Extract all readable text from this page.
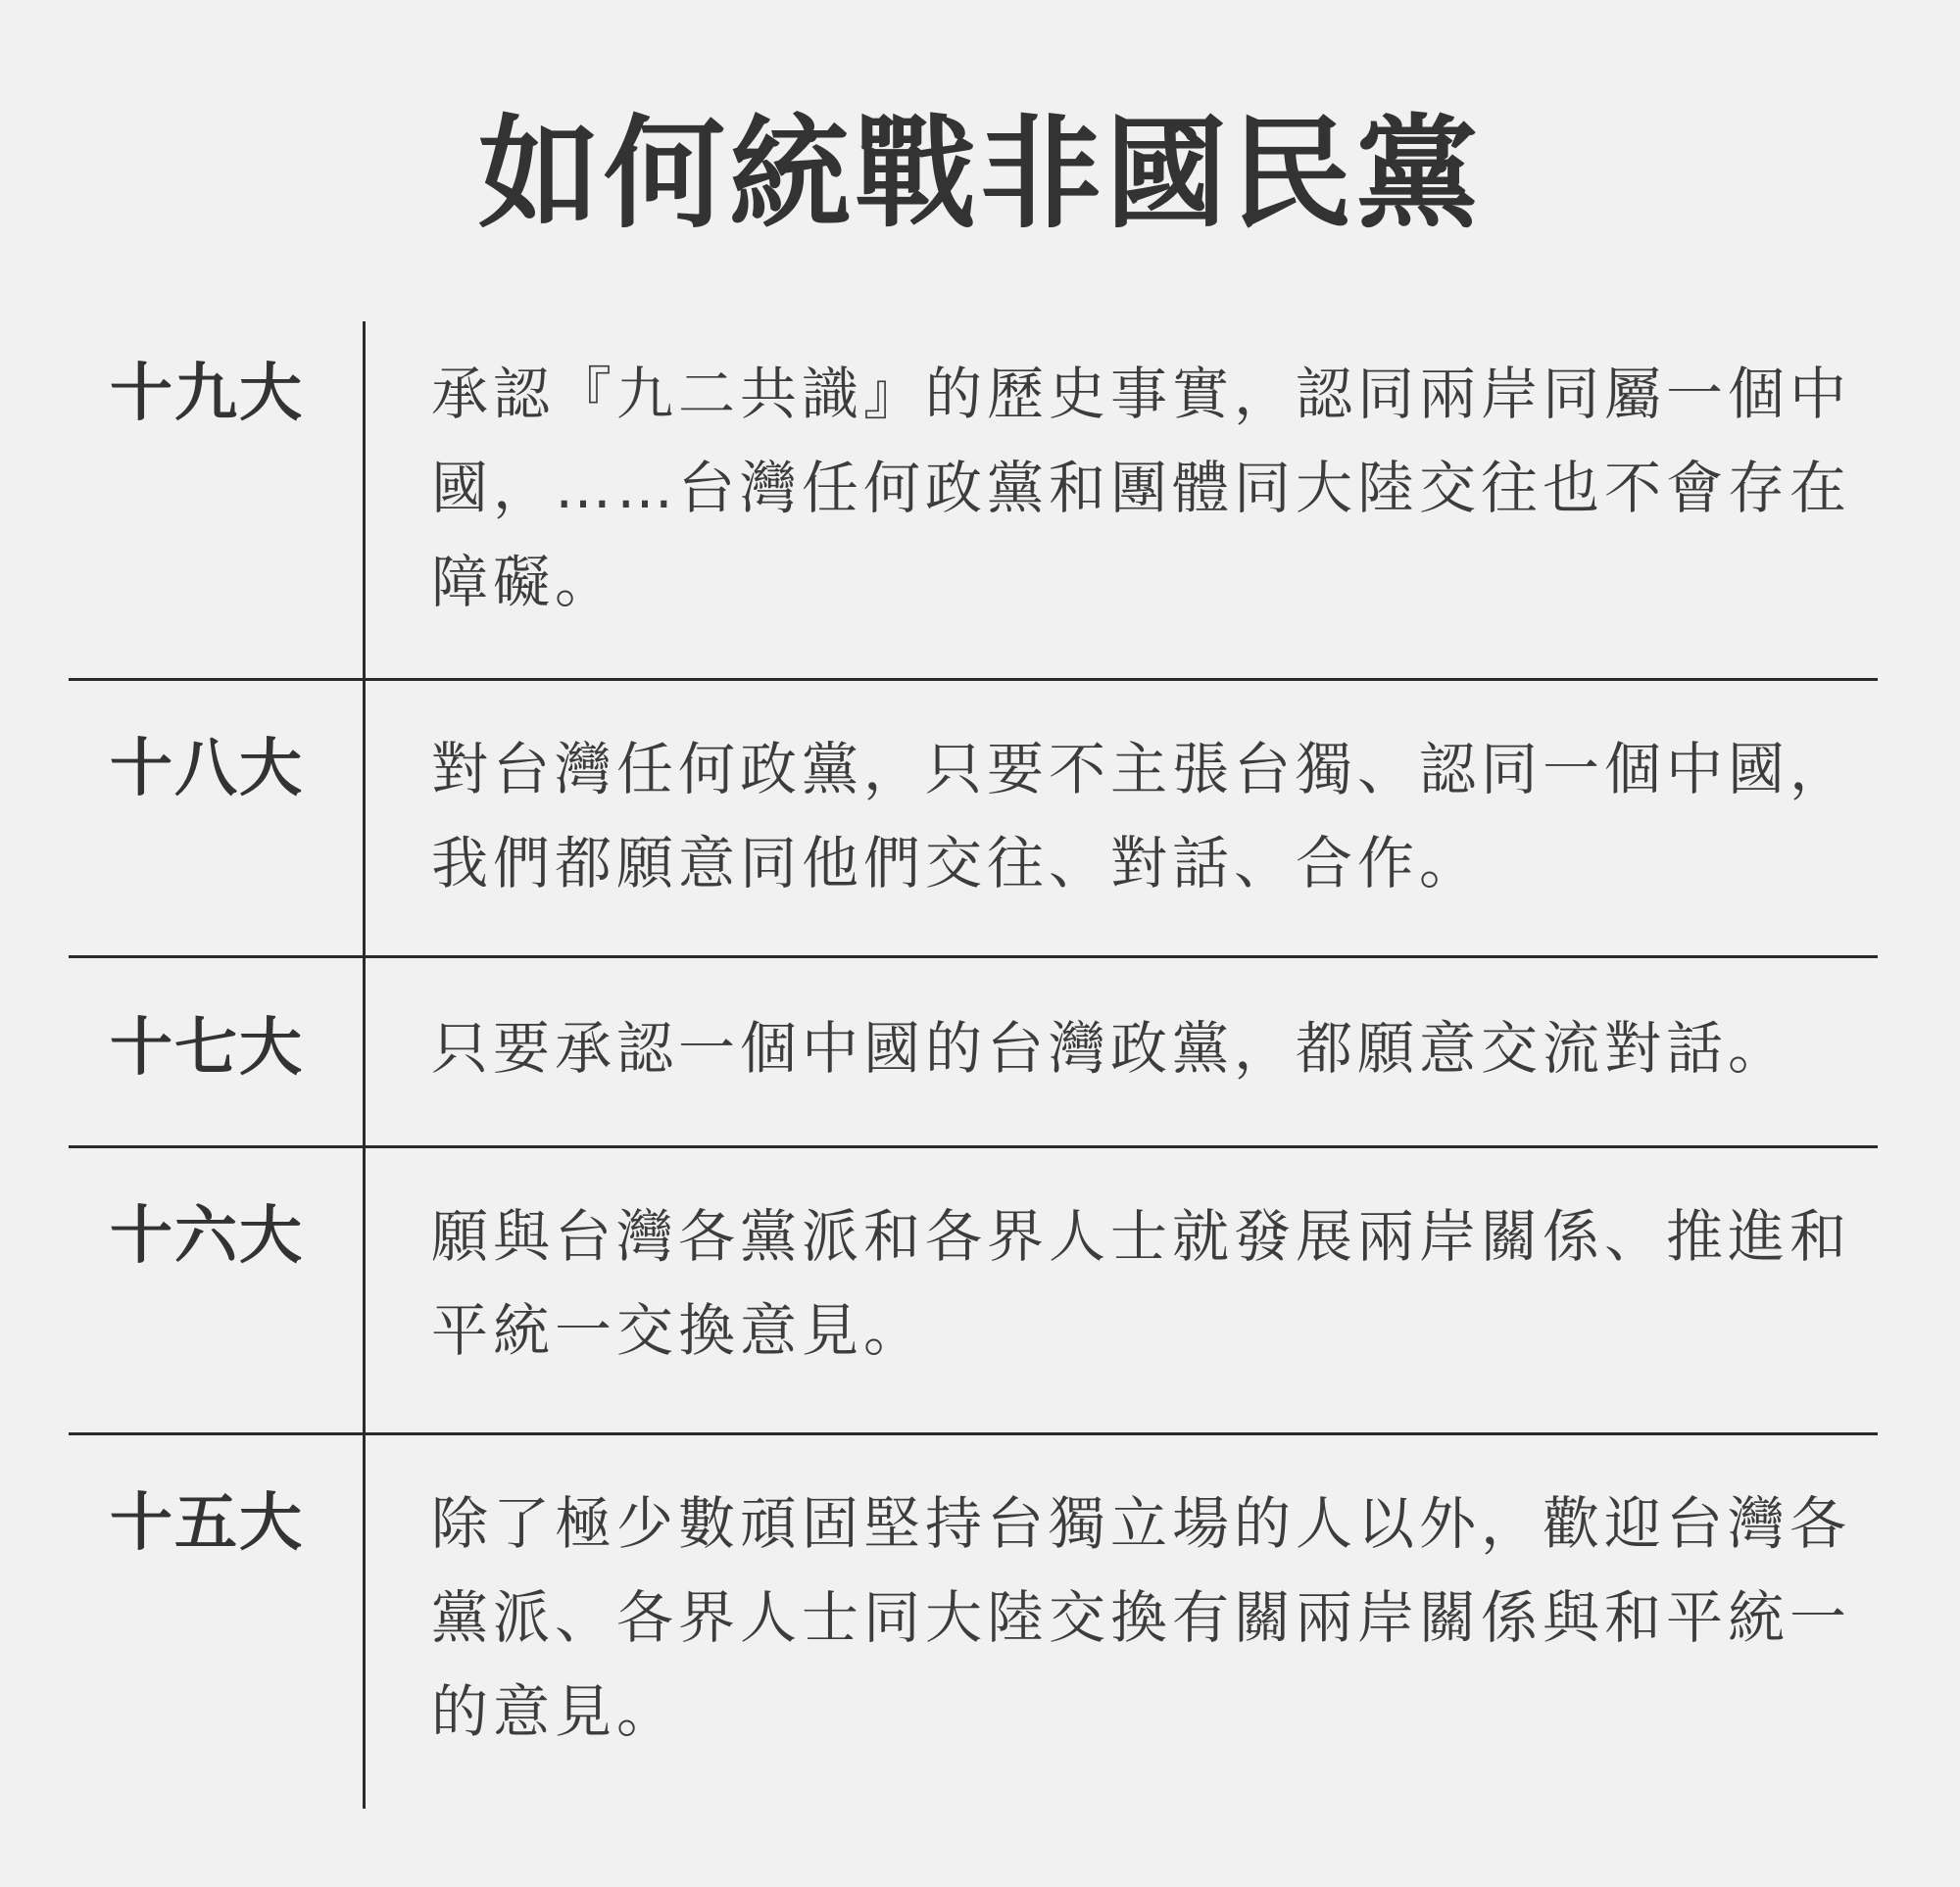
如何統戰非國民黨
十九大	承認『九二共識』的歷史事實，認同兩岸同屬一個中國，……台灣任何政黨和團體同大陸交往也不會存在障礙。
十八大	對台灣任何政黨，只要不主張台獨、認同一個中國，我們都願意同他們交往、對話、合作。
十七大	只要承認一個中國的台灣政黨，都願意交流對話。
十六大	願與台灣各黨派和各界人士就發展兩岸關係、推進和平統一交換意見。
十五大	除了極少數頑固堅持台獨立場的人以外，歡迎台灣各黨派、各界人士同大陸交換有關兩岸關係與和平統一的意見。
